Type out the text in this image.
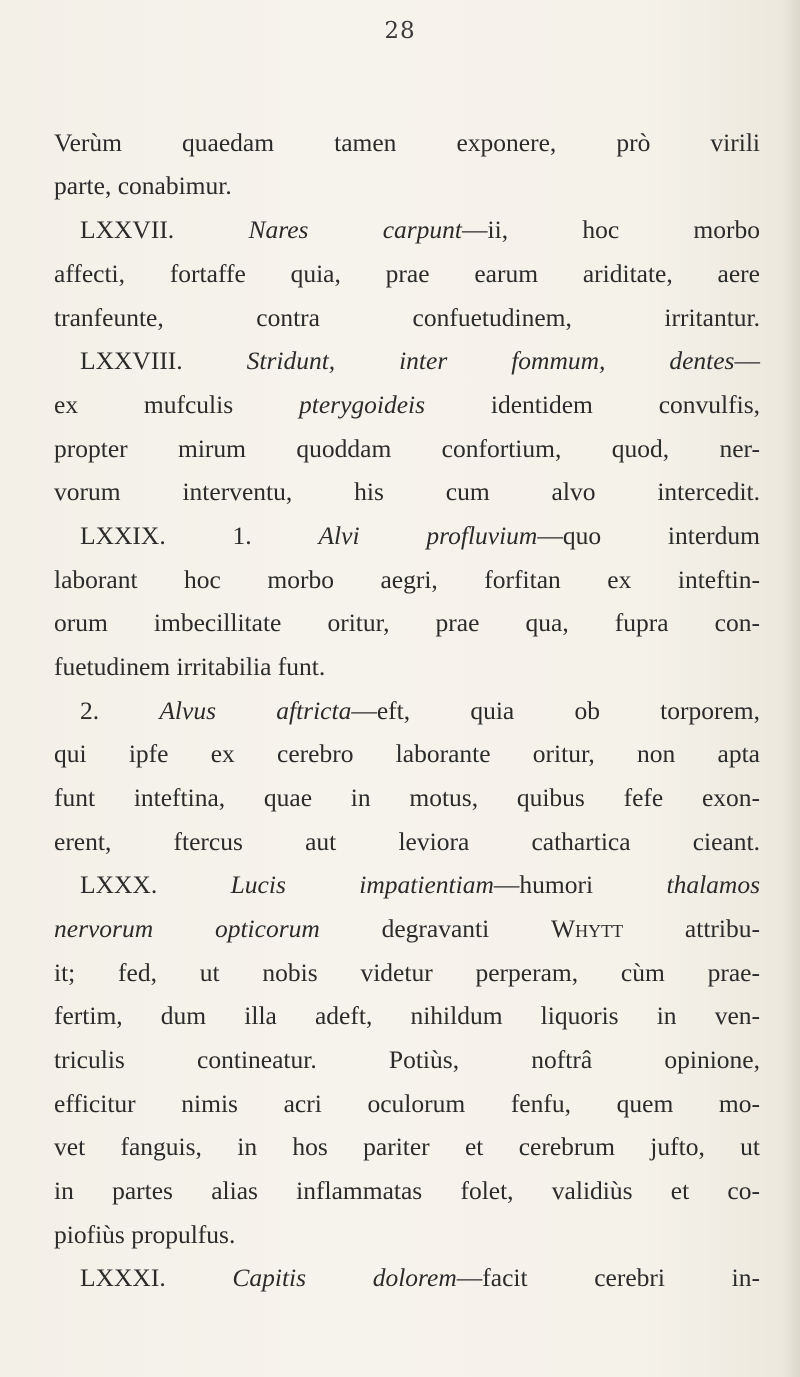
28
Verùm quaedam tamen exponere, prò virili
parte, conabimur.
LXXVII. Nares carpunt—ii, hoc morbo
affecti, fortaffe quia, prae earum ariditate, aere
tranfeunte, contra confuetudinem, irritantur.
LXXVIII. Stridunt, inter fommum, dentes—
ex mufculis pterygoideis identidem convulfis,
propter mirum quoddam confortium, quod, ner-
vorum interventu, his cum alvo intercedit.
LXXIX. 1. Alvi profluvium—quo interdum
laborant hoc morbo aegri, forfitan ex inteftin-
orum imbecillitate oritur, prae qua, fupra con-
fuetudinem irritabilia funt.
2. Alvus aftricta—eft, quia ob torporem,
qui ipfe ex cerebro laborante oritur, non apta
funt inteftina, quae in motus, quibus fefe exon-
erent, ftercus aut leviora cathartica cieant.
LXXX. Lucis impatientiam—humori thalamos
nervorum opticorum degravanti Whytt attribu-
it; fed, ut nobis videtur perperam, cùm prae-
fertim, dum illa adeft, nihildum liquoris in ven-
triculis contineatur. Potiùs, noftrâ opinione,
efficitur nimis acri oculorum fenfu, quem mo-
vet fanguis, in hos pariter et cerebrum jufto, ut
in partes alias inflammatas folet, validiùs et co-
piofiùs propulfus.
LXXXI. Capitis dolorem—facit cerebri in-
